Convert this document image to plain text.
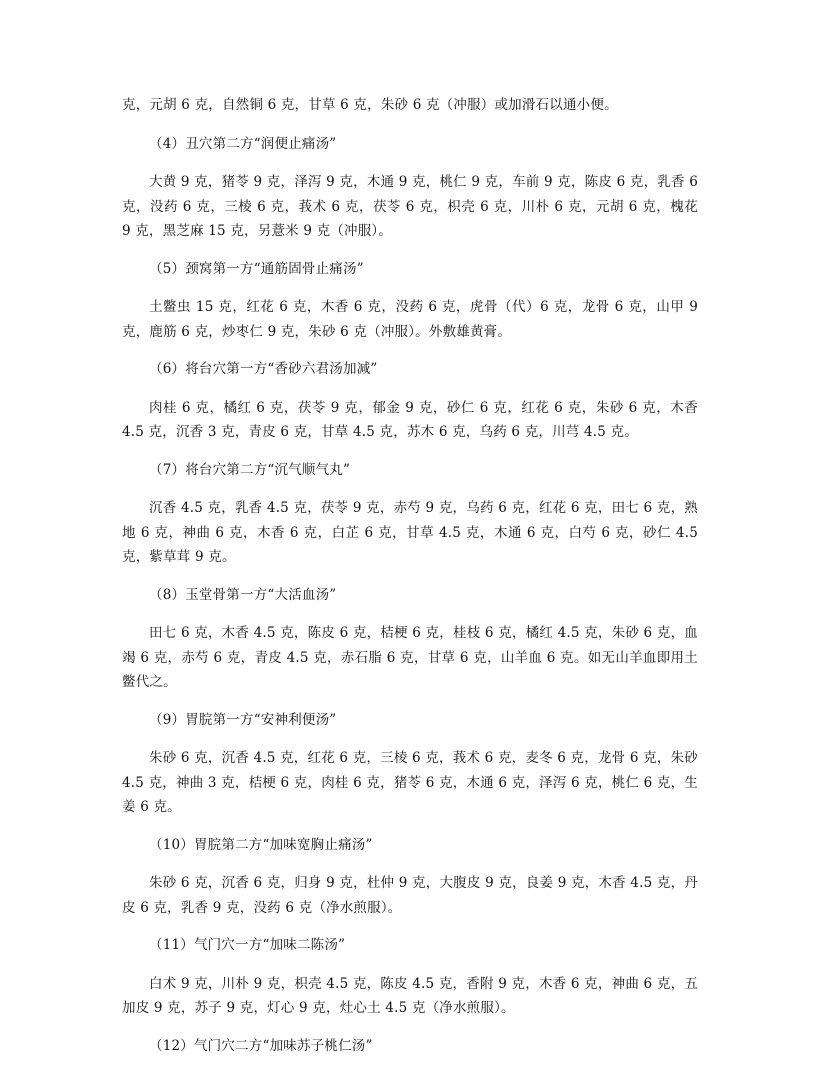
克，元胡 6 克，自然铜 6 克，甘草 6 克，朱砂 6 克（冲服）或加滑石以通小便。

（4）丑穴第二方“润便止痛汤”

大黄 9 克，猪苓 9 克，泽泻 9 克，木通 9 克，桃仁 9 克，车前 9 克，陈皮 6 克，乳香 6 克，没药 6 克，三棱 6 克，莪术 6 克，茯苓 6 克，枳壳 6 克，川朴 6 克，元胡 6 克，槐花 9 克，黑芝麻 15 克，另薏米 9 克（冲服）。

（5）颈窝第一方“通筋固骨止痛汤”

土鳖虫 15 克，红花 6 克，木香 6 克，没药 6 克，虎骨（代）6 克，龙骨 6 克，山甲 9 克，鹿筋 6 克，炒枣仁 9 克，朱砂 6 克（冲服）。外敷雄黄膏。

（6）将台穴第一方“香砂六君汤加减”

肉桂 6 克，橘红 6 克，茯苓 9 克，郁金 9 克，砂仁 6 克，红花 6 克，朱砂 6 克，木香 4.5 克，沉香 3 克，青皮 6 克，甘草 4.5 克，苏木 6 克，乌药 6 克，川芎 4.5 克。

（7）将台穴第二方“沉气顺气丸”

沉香 4.5 克，乳香 4.5 克，茯苓 9 克，赤芍 9 克，乌药 6 克，红花 6 克，田七 6 克，熟地 6 克，神曲 6 克，木香 6 克，白芷 6 克，甘草 4.5 克，木通 6 克，白芍 6 克，砂仁 4.5 克，紫草茸 9 克。

（8）玉堂骨第一方“大活血汤”

田七 6 克，木香 4.5 克，陈皮 6 克，桔梗 6 克，桂枝 6 克，橘红 4.5 克，朱砂 6 克，血竭 6 克，赤芍 6 克，青皮 4.5 克，赤石脂 6 克，甘草 6 克，山羊血 6 克。如无山羊血即用土鳖代之。

（9）胃脘第一方“安神利便汤”

朱砂 6 克，沉香 4.5 克，红花 6 克，三棱 6 克，莪术 6 克，麦冬 6 克，龙骨 6 克，朱砂 4.5 克，神曲 3 克，桔梗 6 克，肉桂 6 克，猪苓 6 克，木通 6 克，泽泻 6 克，桃仁 6 克，生姜 6 克。

（10）胃脘第二方“加味宽胸止痛汤”

朱砂 6 克，沉香 6 克，归身 9 克，杜仲 9 克，大腹皮 9 克，良姜 9 克，木香 4.5 克，丹皮 6 克，乳香 9 克，没药 6 克（净水煎服）。

（11）气门穴一方“加味二陈汤”

白术 9 克，川朴 9 克，枳壳 4.5 克，陈皮 4.5 克，香附 9 克，木香 6 克，神曲 6 克，五加皮 9 克，苏子 9 克，灯心 9 克，灶心土 4.5 克（净水煎服）。

（12）气门穴二方“加味苏子桃仁汤”
